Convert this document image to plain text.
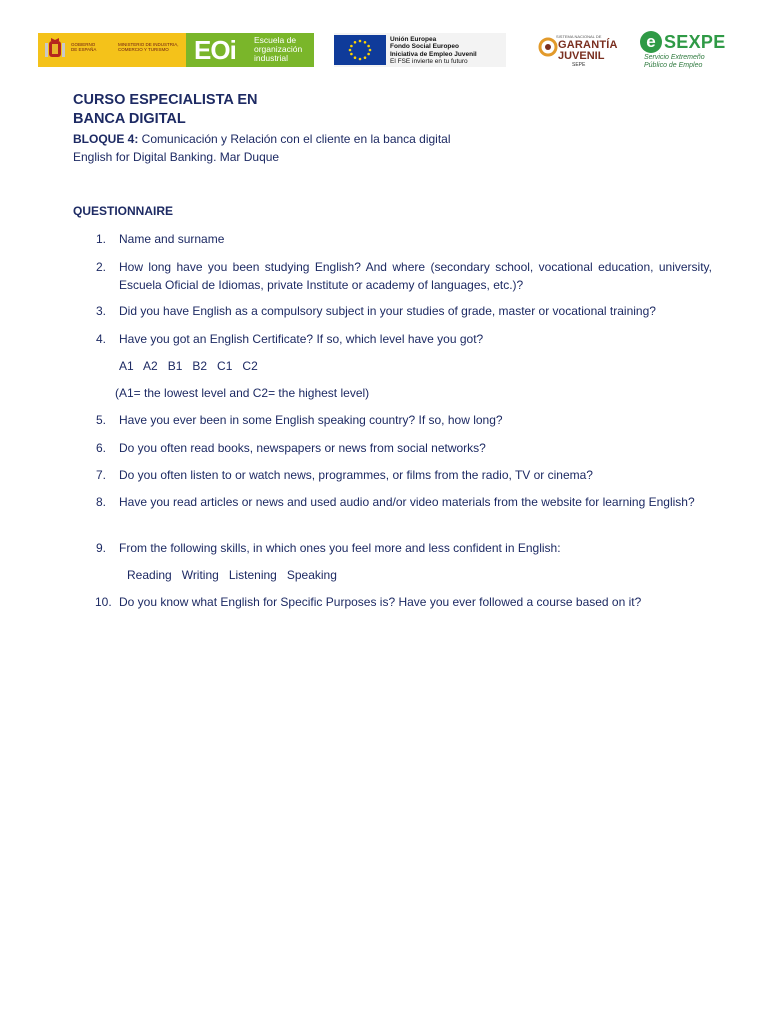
GOBIERNO DE ESPAÑA
MINISTERIO DE INDUSTRIA, COMERCIO Y TURISMO EOi Escuela de organización industrial
Unión Europea
Fondo Social Europeo
Iniciativa de Empleo Juvenil
El FSE invierte en tu futuro
SISTEMA NACIONAL DE
GARANTÍA
JUVENIL
SEPE
e SEXPE
Servicio Extremeño
Público de Empleo
CURSO ESPECIALISTA EN
BANCA DIGITAL
BLOQUE 4: Comunicación y Relación con el cliente en la banca digital
English for Digital Banking. Mar Duque
QUESTIONNAIRE
1. Name and surname
2. How long have you been studying English? And where (secondary school, vocational education, university, Escuela Oficial de Idiomas, private Institute or academy of languages, etc.)?
3. Did you have English as a compulsory subject in your studies of grade, master or vocational training?
4. Have you got an English Certificate? If so, which level have you got?
A1   A2   B1   B2   C1   C2
(A1= the lowest level and C2= the highest level)
5. Have you ever been in some English speaking country? If so, how long?
6. Do you often read books, newspapers or news from social networks?
7. Do you often listen to or watch news, programmes, or films from the radio, TV or cinema?
8. Have you read articles or news and used audio and/or video materials from the website for learning English?
9. From the following skills, in which ones you feel more and less confident in English:
Reading   Writing   Listening   Speaking
10. Do you know what English for Specific Purposes is? Have you ever followed a course based on it?
